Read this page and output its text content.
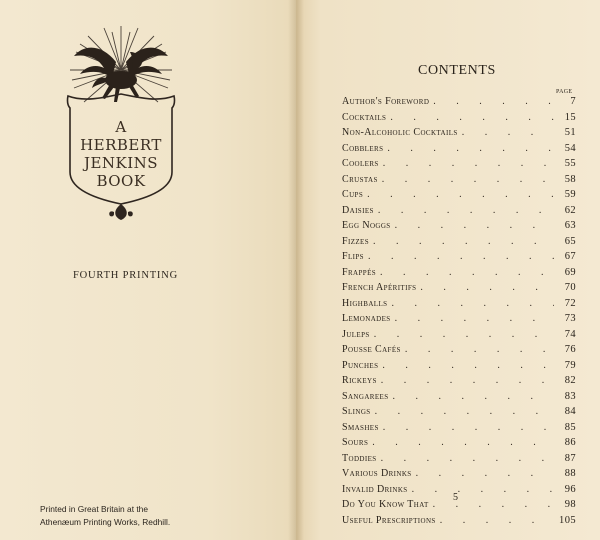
A
HERBERT
JENKINS
BOOK
FOURTH PRINTING
Printed in Great Britain at the
Athenæum Printing Works, Redhill.
CONTENTS
PAGE
Author's Foreword . . .	7
Cocktails . . .	15
Non-Alcoholic Cocktails . . .	51
Cobblers . . .	54
Coolers . . .	55
Crustas . . .	58
Cups . . .	59
Daisies . . .	62
Egg Noggs . . .	63
Fizzes . . .	65
Flips . . .	67
Frappés . . .	69
French Apéritifs . . .	70
Highballs . . .	72
Lemonades . . .	73
Juleps . . .	74
Pousse Cafés . . .	76
Punches . . .	79
Rickeys . . .	82
Sangarees . . .	83
Slings . . .	84
Smashes . . .	85
Sours . . .	86
Toddies . . .	87
Various Drinks . . .	88
Invalid Drinks . . .	96
Do You Know That . . .	98
Useful Prescriptions . . .	105
5
